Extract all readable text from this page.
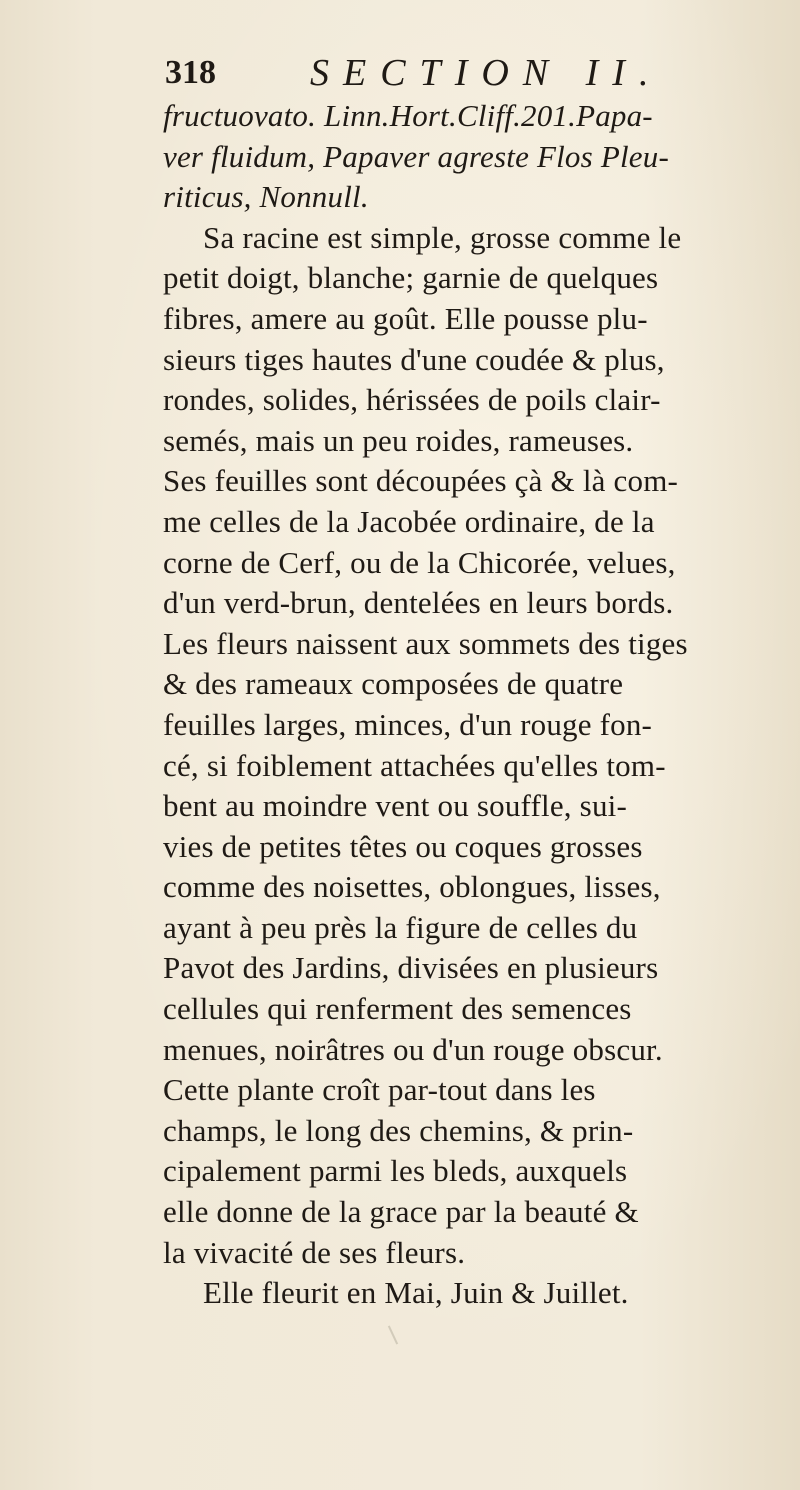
318 SECTION II.
fructuovato. Linn.Hort.Cliff.201.Papa-
ver fluidum, Papaver agreste Flos Pleu-
riticus, Nonnull.
Sa racine est simple, grosse comme le
petit doigt, blanche; garnie de quelques
fibres, amere au goût. Elle pousse plu-
sieurs tiges hautes d'une coudée & plus,
rondes, solides, hérissées de poils clair-
semés, mais un peu roides, rameuses.
Ses feuilles sont découpées çà & là com-
me celles de la Jacobée ordinaire, de la
corne de Cerf, ou de la Chicorée, velues,
d'un verd-brun, dentelées en leurs bords.
Les fleurs naissent aux sommets des tiges
& des rameaux composées de quatre
feuilles larges, minces, d'un rouge fon-
cé, si foiblement attachées qu'elles tom-
bent au moindre vent ou souffle, sui-
vies de petites têtes ou coques grosses
comme des noisettes, oblongues, lisses,
ayant à peu près la figure de celles du
Pavot des Jardins, divisées en plusieurs
cellules qui renferment des semences
menues, noirâtres ou d'un rouge obscur.
Cette plante croît par-tout dans les
champs, le long des chemins, & prin-
cipalement parmi les bleds, auxquels
elle donne de la grace par la beauté &
la vivacité de ses fleurs.
Elle fleurit en Mai, Juin & Juillet.
